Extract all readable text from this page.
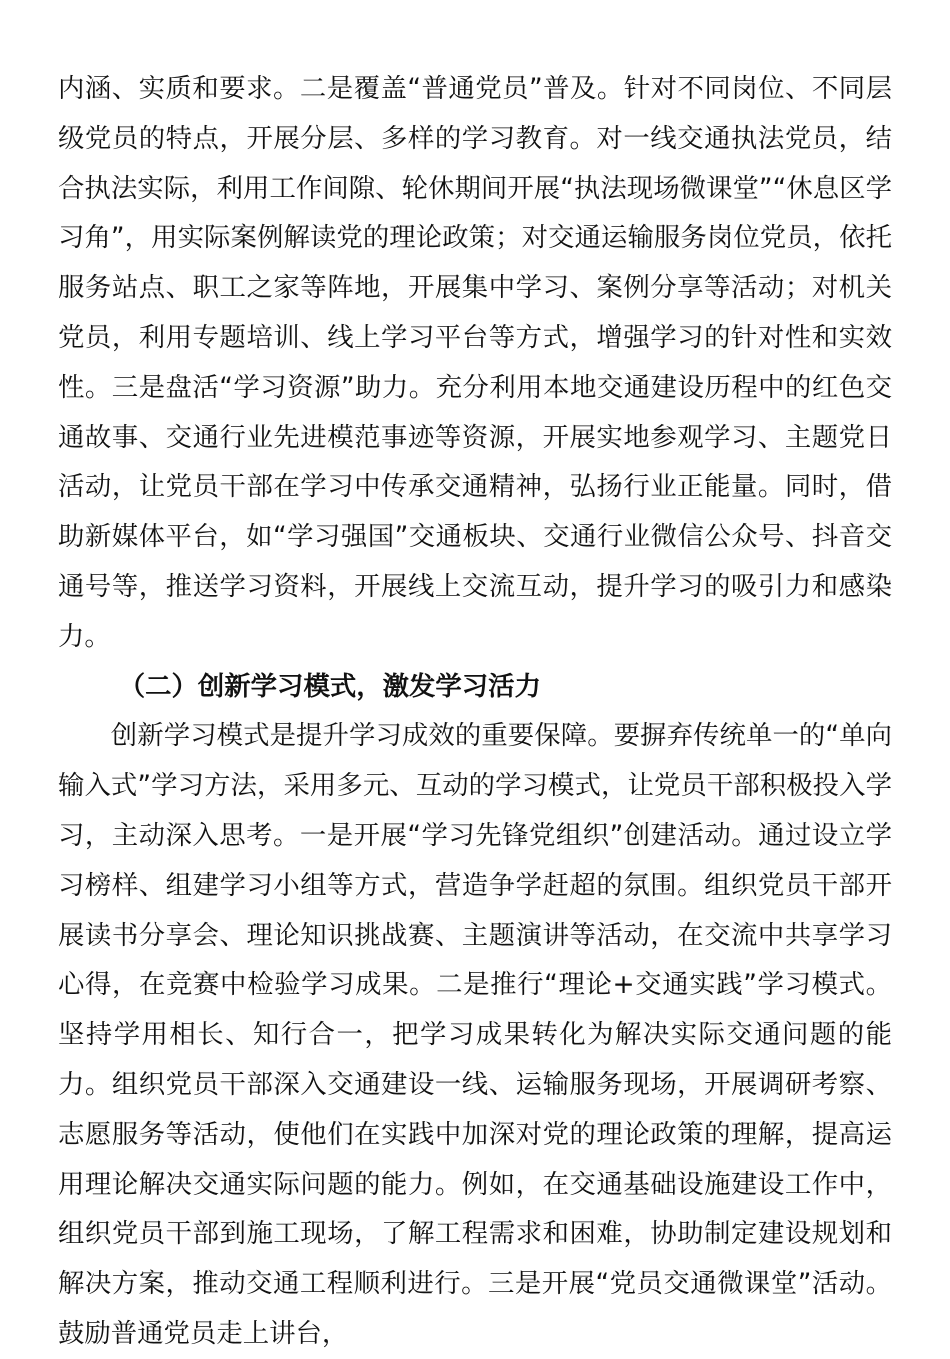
内涵、实质和要求。二是覆盖“普通党员”普及。针对不同岗位、不同层级党员的特点，开展分层、多样的学习教育。对一线交通执法党员，结合执法实际，利用工作间隙、轮休期间开展“执法现场微课堂”“休息区学习角”，用实际案例解读党的理论政策；对交通运输服务岗位党员，依托服务站点、职工之家等阵地，开展集中学习、案例分享等活动；对机关党员，利用专题培训、线上学习平台等方式，增强学习的针对性和实效性。三是盘活“学习资源”助力。充分利用本地交通建设历程中的红色交通故事、交通行业先进模范事迹等资源，开展实地参观学习、主题党日活动，让党员干部在学习中传承交通精神，弘扬行业正能量。同时，借助新媒体平台，如“学习强国”交通板块、交通行业微信公众号、抖音交通号等，推送学习资料，开展线上交流互动，提升学习的吸引力和感染力。

（二）创新学习模式，激发学习活力

创新学习模式是提升学习成效的重要保障。要摒弃传统单一的“单向输入式”学习方法，采用多元、互动的学习模式，让党员干部积极投入学习，主动深入思考。一是开展“学习先锋党组织”创建活动。通过设立学习榜样、组建学习小组等方式，营造争学赶超的氛围。组织党员干部开展读书分享会、理论知识挑战赛、主题演讲等活动，在交流中共享学习心得，在竞赛中检验学习成果。二是推行“理论+交通实践”学习模式。坚持学用相长、知行合一，把学习成果转化为解决实际交通问题的能力。组织党员干部深入交通建设一线、运输服务现场，开展调研考察、志愿服务等活动，使他们在实践中加深对党的理论政策的理解，提高运用理论解决交通实际问题的能力。例如，在交通基础设施建设工作中，组织党员干部到施工现场，了解工程需求和困难，协助制定建设规划和解决方案，推动交通工程顺利进行。三是开展“党员交通微课堂”活动。鼓励普通党员走上讲台，
